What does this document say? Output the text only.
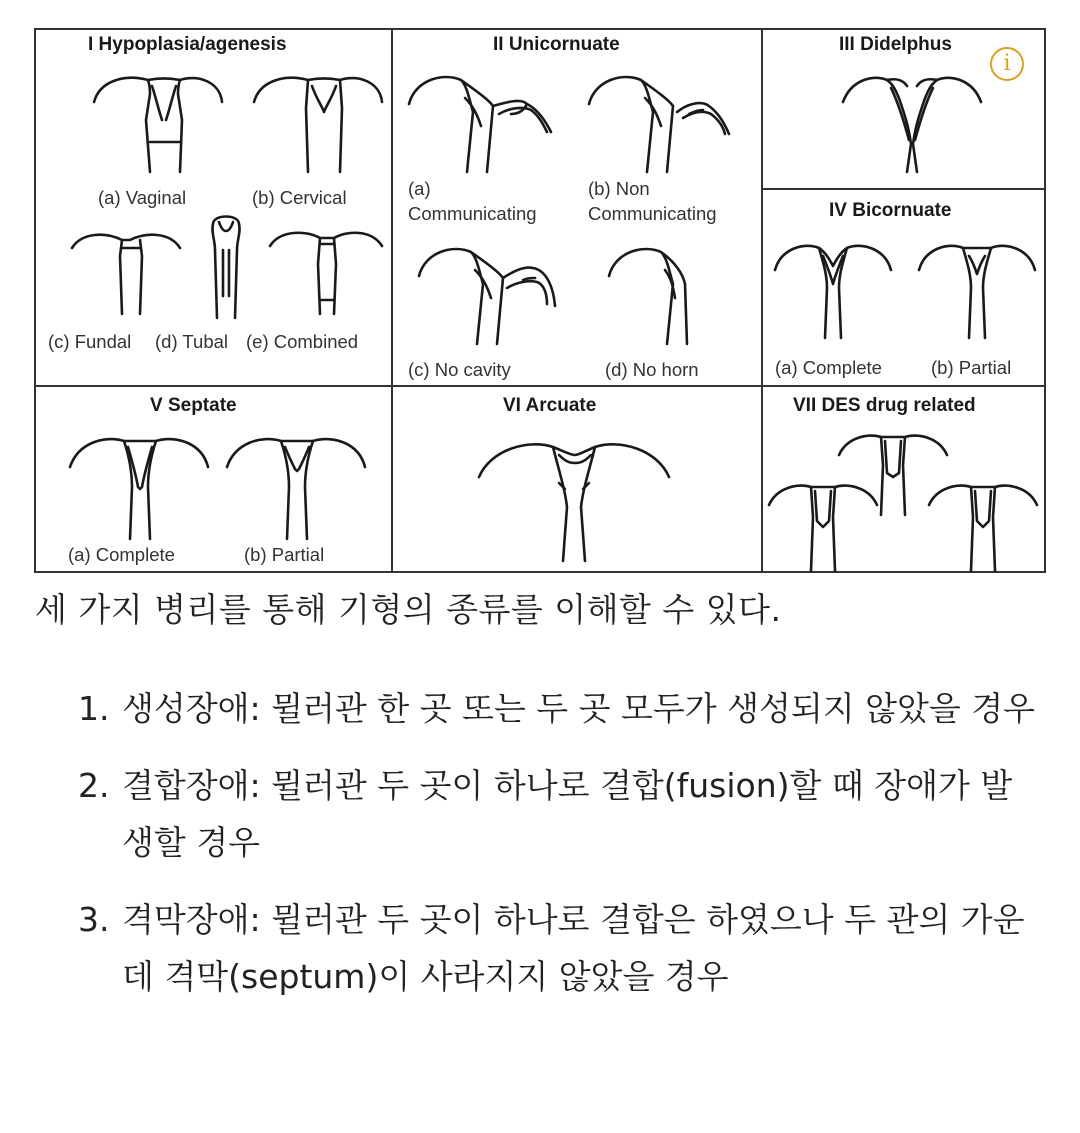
I Hypoplasia/agenesis
(a) Vaginal	(b) Cervical
(c) Fundal (d) Tubal (e) Combined
II Unicornuate
(a)
Communicating
(b) Non
Communicating
(c) No cavity	(d) No horn
III Didelphus
IV Bicornuate
(a) Complete	(b) Partial
V Septate
(a) Complete	(b) Partial
VI Arcuate	VII DES drug related
i
세 가지 병리를 통해 기형의 종류를 이해할 수 있다.
1. 생성장애: 뮐러관 한 곳 또는 두 곳 모두가 생성되지 않았을 경우
2. 결합장애: 뮐러관 두 곳이 하나로 결합(fusion)할 때 장애가 발생할 경우
3. 격막장애: 뮐러관 두 곳이 하나로 결합은 하였으나 두 관의 가운데 격막(septum)이 사라지지 않았을 경우
